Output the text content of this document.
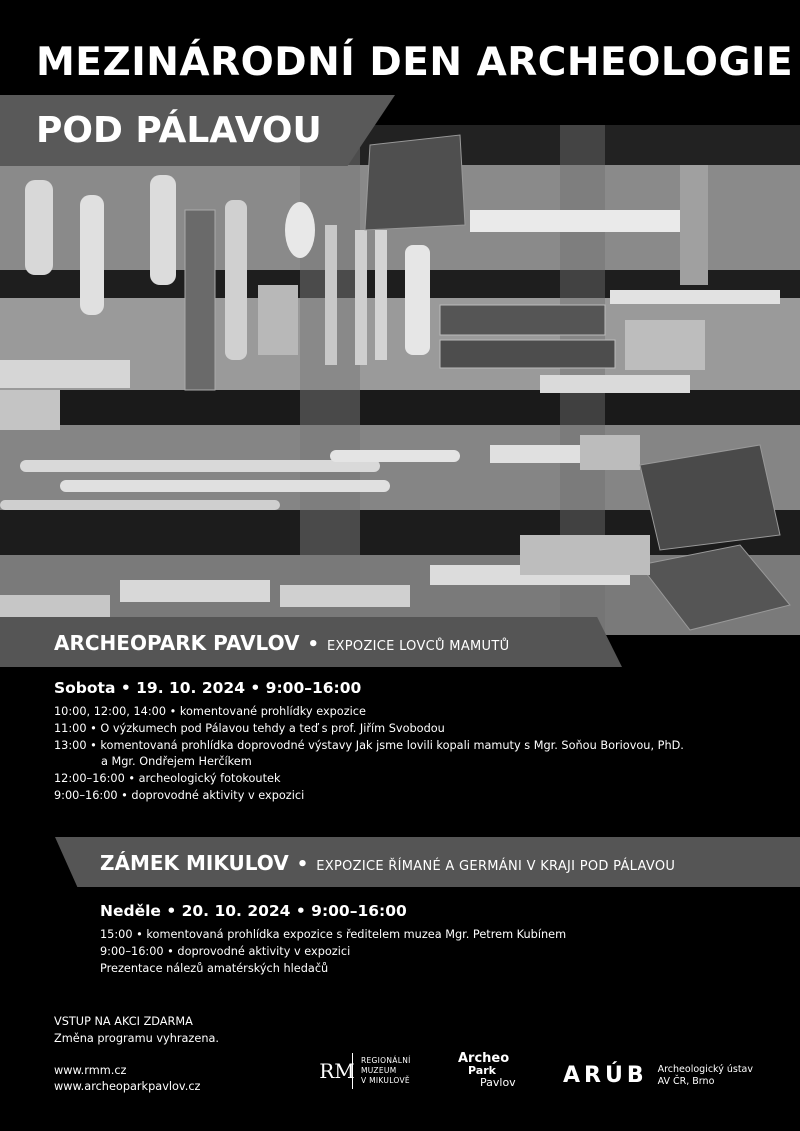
MEZINÁRODNÍ DEN ARCHEOLOGIE
POD PÁLAVOU
ARCHEOPARK PAVLOV • EXPOZICE LOVCŮ MAMUTŮ
Sobota • 19. 10. 2024 • 9:00–16:00
10:00, 12:00, 14:00 • komentované prohlídky expozice
11:00 • O výzkumech pod Pálavou tehdy a teď s prof. Jiřím Svobodou
13:00 • komentovaná prohlídka doprovodné výstavy Jak jsme lovili kopali mamuty s Mgr. Soňou Boriovou, PhD.
a Mgr. Ondřejem Herčíkem
12:00–16:00 • archeologický fotokoutek
9:00–16:00 • doprovodné aktivity v expozici
ZÁMEK MIKULOV • EXPOZICE ŘÍMANÉ A GERMÁNI V KRAJI POD PÁLAVOU
Neděle • 20. 10. 2024 • 9:00–16:00
15:00 • komentovaná prohlídka expozice s ředitelem muzea Mgr. Petrem Kubínem
9:00–16:00 • doprovodné aktivity v expozici
Prezentace nálezů amatérských hledačů
VSTUP NA AKCI ZDARMA
Změna programu vyhrazena.
www.rmm.cz
www.archeoparkpavlov.cz
RM REGIONÁLNÍ
MUZEUM
V MIKULOVĚ
Archeo
Park
Pavlov ARÚB Archeologický ústav
AV ČR, Brno
